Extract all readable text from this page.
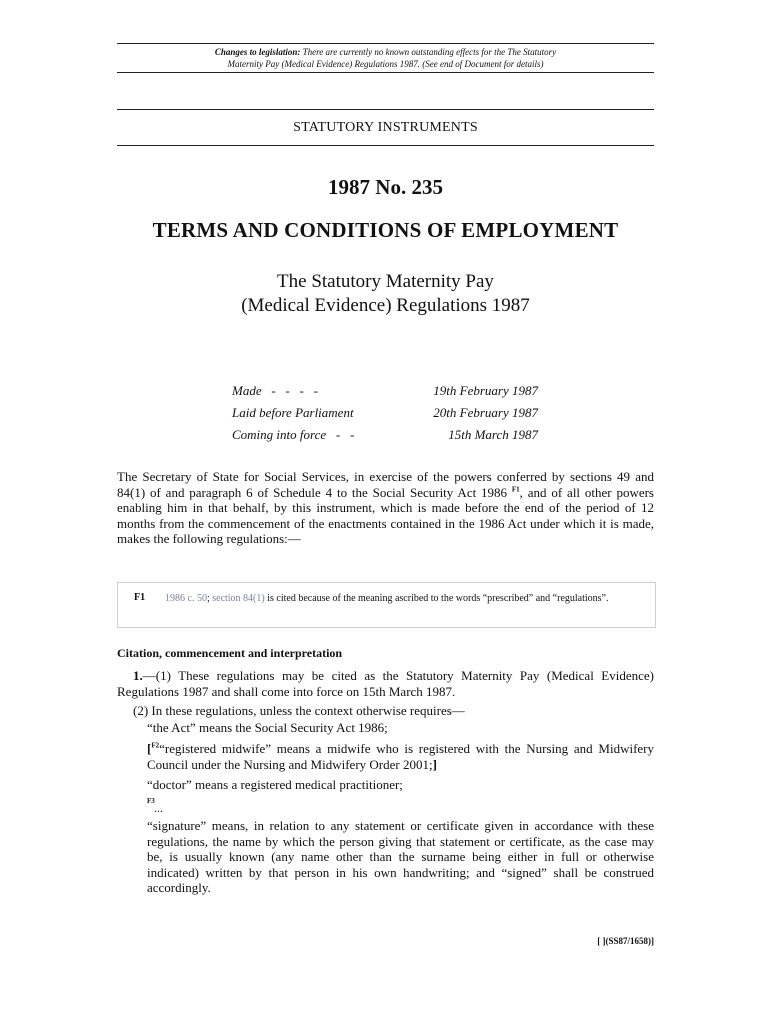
Changes to legislation: There are currently no known outstanding effects for the The Statutory
Maternity Pay (Medical Evidence) Regulations 1987. (See end of Document for details)
STATUTORY INSTRUMENTS
1987 No. 235
TERMS AND CONDITIONS OF EMPLOYMENT
The Statutory Maternity Pay
(Medical Evidence) Regulations 1987
Made   -   -   -   -	19th February 1987
Laid before Parliament	20th February 1987
Coming into force   -   -	15th March 1987
The Secretary of State for Social Services, in exercise of the powers conferred by sections 49 and 84(1) of and paragraph 6 of Schedule 4 to the Social Security Act 1986 $^{F1}$, and of all other powers enabling him in that behalf, by this instrument, which is made before the end of the period of 12 months from the commencement of the enactments contained in the 1986 Act under which it is made, makes the following regulations:—
F1 1986 c. 50; section 84(1) is cited because of the meaning ascribed to the words “prescribed” and “regulations”.
Citation, commencement and interpretation
1.—(1) These regulations may be cited as the Statutory Maternity Pay (Medical Evidence) Regulations 1987 and shall come into force on 15th March 1987.
(2) In these regulations, unless the context otherwise requires—
“the Act” means the Social Security Act 1986;
[$^{F2}$“registered midwife” means a midwife who is registered with the Nursing and Midwifery Council under the Nursing and Midwifery Order 2001;]
“doctor” means a registered medical practitioner;
F3 ...
“signature” means, in relation to any statement or certificate given in accordance with these regulations, the name by which the person giving that statement or certificate, as the case may be, is usually known (any name other than the surname being either in full or otherwise indicated) written by that person in his own handwriting; and “signed” shall be construed accordingly.
[ ](SS87/1658)]
